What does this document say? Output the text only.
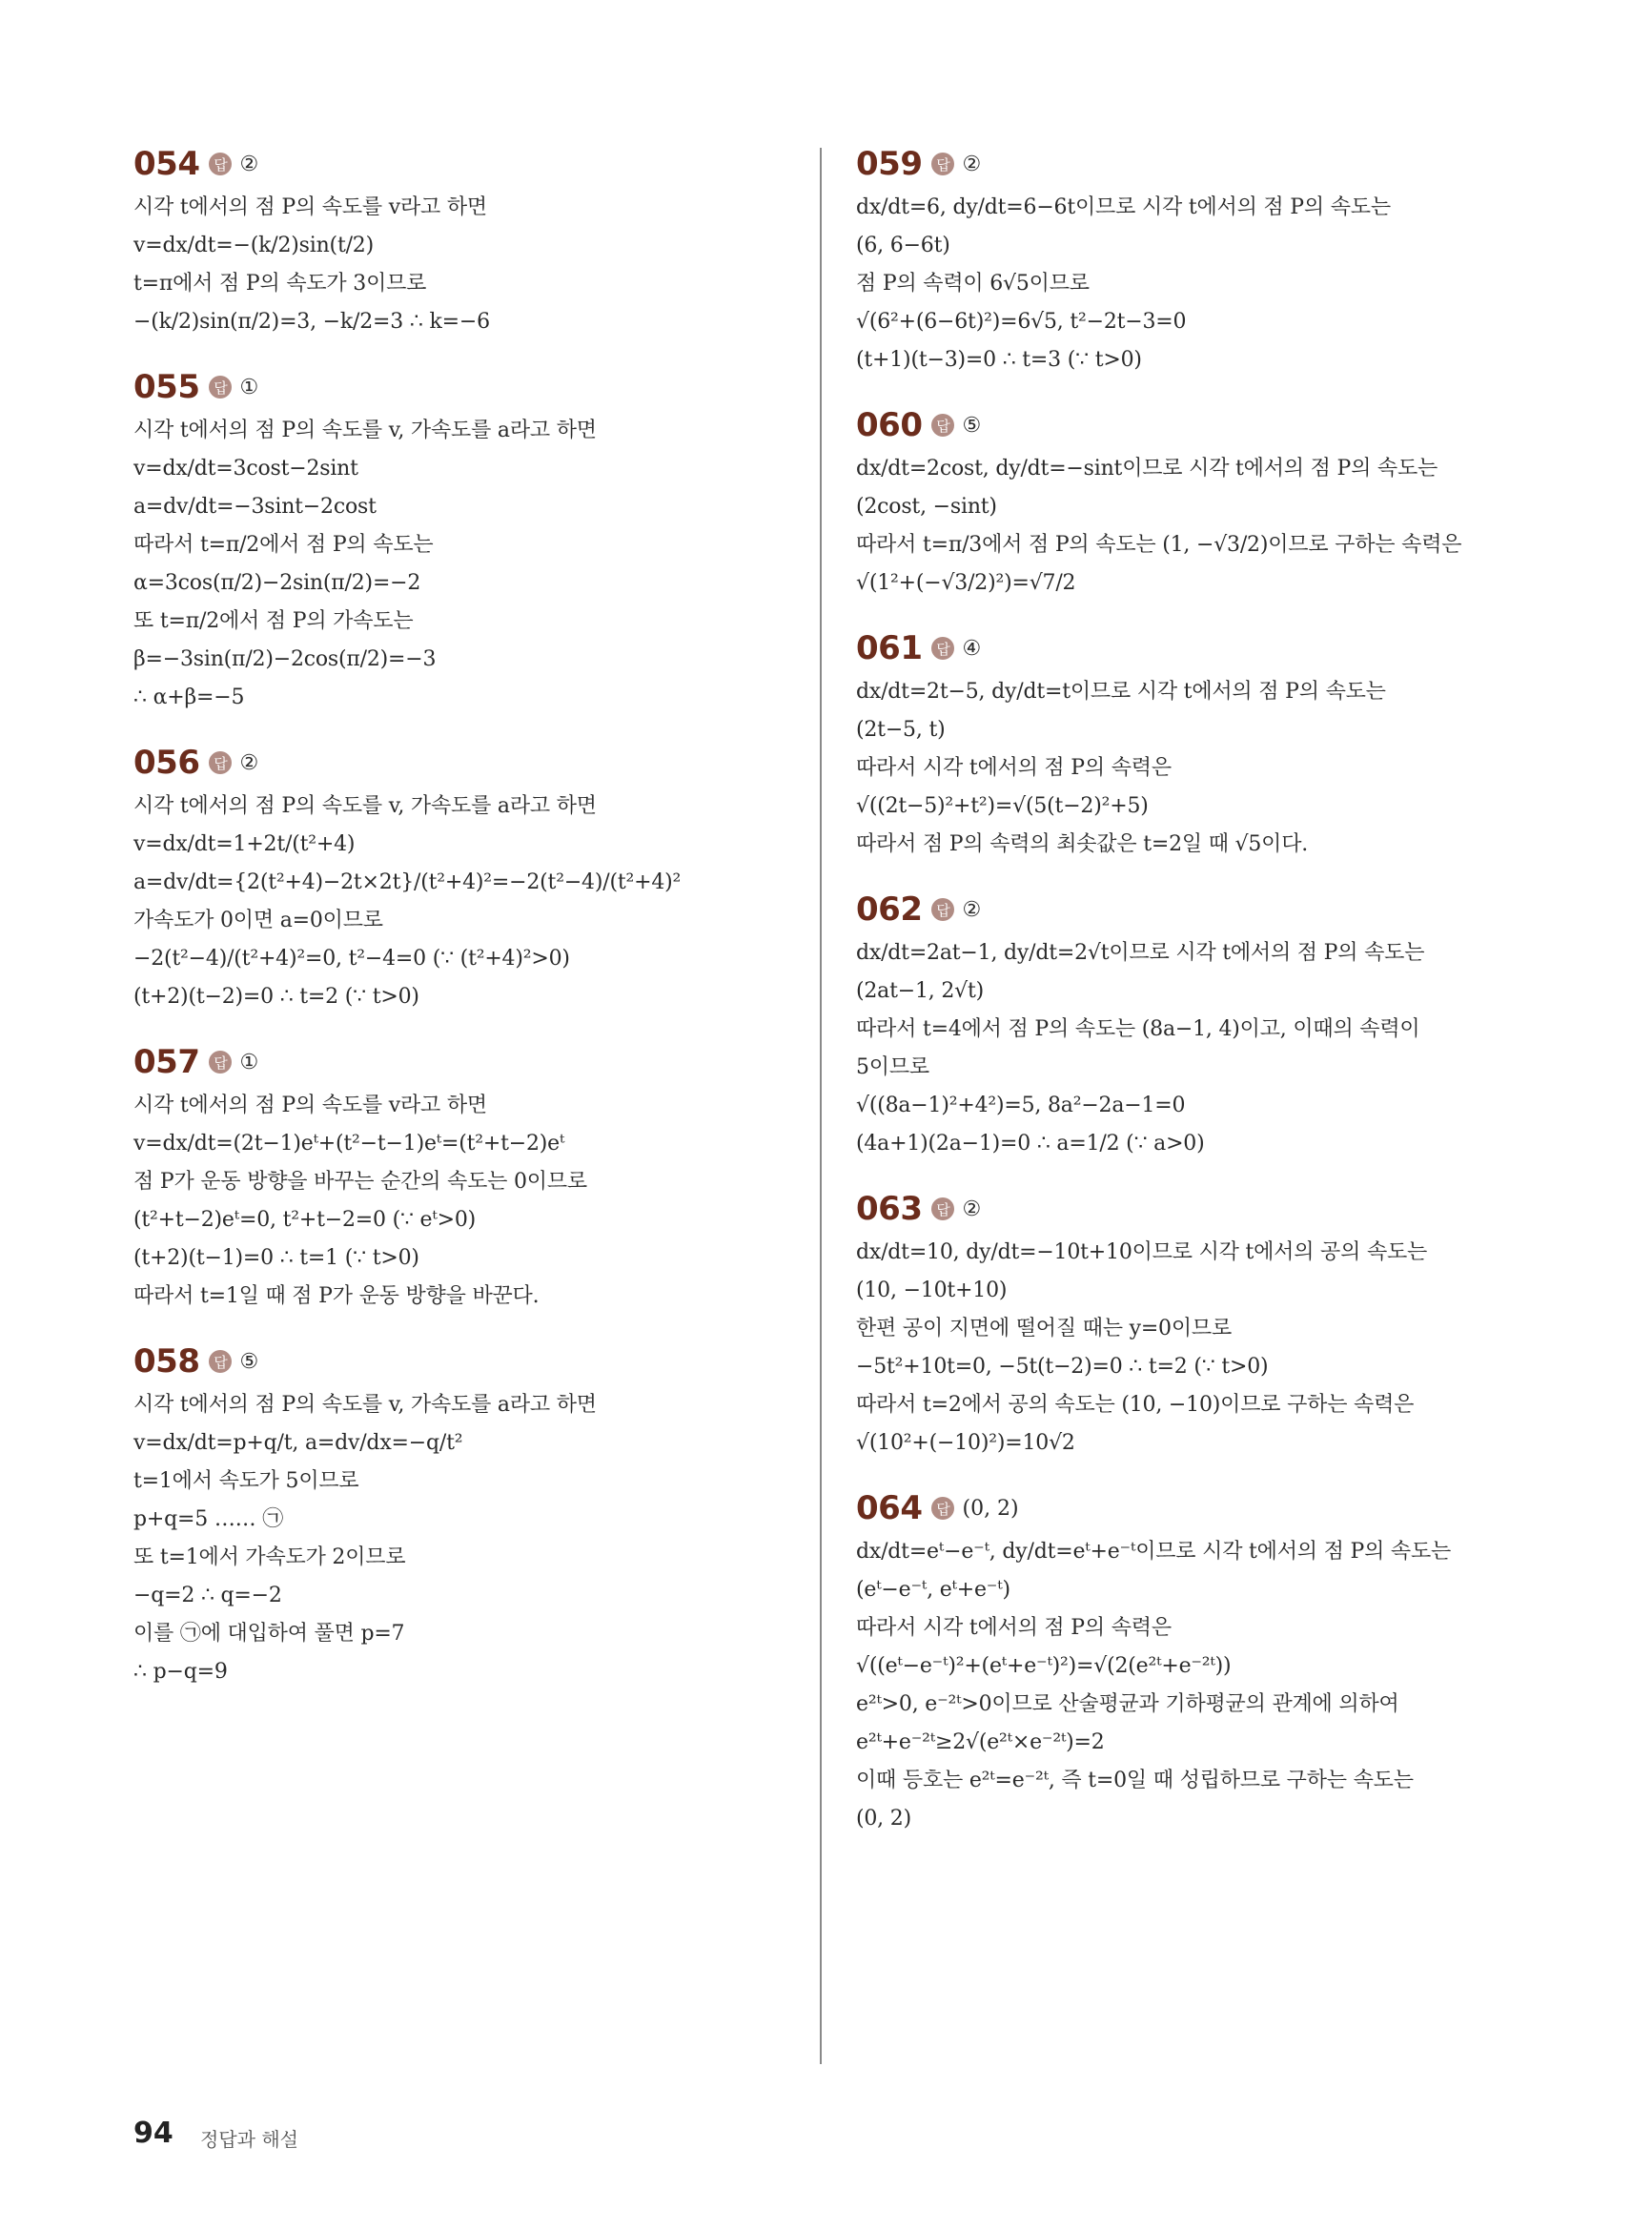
054 답 ②
시각 t에서의 점 P의 속도를 v라고 하면
v=dx/dt=−(k/2)sin(t/2)
t=π에서 점 P의 속도가 3이므로
−(k/2)sin(π/2)=3, −k/2=3 ∴ k=−6
055 답 ①
시각 t에서의 점 P의 속도를 v, 가속도를 a라고 하면
v=dx/dt=3cost−2sint
a=dv/dt=−3sint−2cost
따라서 t=π/2에서 점 P의 속도는
α=3cos(π/2)−2sin(π/2)=−2
또 t=π/2에서 점 P의 가속도는
β=−3sin(π/2)−2cos(π/2)=−3
∴ α+β=−5
056 답 ②
시각 t에서의 점 P의 속도를 v, 가속도를 a라고 하면
v=dx/dt=1+2t/(t²+4)
a=dv/dt={2(t²+4)−2t×2t}/(t²+4)²=−2(t²−4)/(t²+4)²
가속도가 0이면 a=0이므로
−2(t²−4)/(t²+4)²=0, t²−4=0 (∵ (t²+4)²>0)
(t+2)(t−2)=0 ∴ t=2 (∵ t>0)
057 답 ①
시각 t에서의 점 P의 속도를 v라고 하면
v=dx/dt=(2t−1)eᵗ+(t²−t−1)eᵗ=(t²+t−2)eᵗ
점 P가 운동 방향을 바꾸는 순간의 속도는 0이므로
(t²+t−2)eᵗ=0, t²+t−2=0 (∵ eᵗ>0)
(t+2)(t−1)=0 ∴ t=1 (∵ t>0)
따라서 t=1일 때 점 P가 운동 방향을 바꾼다.
058 답 ⑤
시각 t에서의 점 P의 속도를 v, 가속도를 a라고 하면
v=dx/dt=p+q/t, a=dv/dx=−q/t²
t=1에서 속도가 5이므로
p+q=5 …… ㉠
또 t=1에서 가속도가 2이므로
−q=2 ∴ q=−2
이를 ㉠에 대입하여 풀면 p=7
∴ p−q=9
059 답 ②
dx/dt=6, dy/dt=6−6t이므로 시각 t에서의 점 P의 속도는
(6, 6−6t)
점 P의 속력이 6√5이므로
√(6²+(6−6t)²)=6√5, t²−2t−3=0
(t+1)(t−3)=0 ∴ t=3 (∵ t>0)
060 답 ⑤
dx/dt=2cost, dy/dt=−sint이므로 시각 t에서의 점 P의 속도는
(2cost, −sint)
따라서 t=π/3에서 점 P의 속도는 (1, −√3/2)이므로 구하는 속력은
√(1²+(−√3/2)²)=√7/2
061 답 ④
dx/dt=2t−5, dy/dt=t이므로 시각 t에서의 점 P의 속도는
(2t−5, t)
따라서 시각 t에서의 점 P의 속력은
√((2t−5)²+t²)=√(5(t−2)²+5)
따라서 점 P의 속력의 최솟값은 t=2일 때 √5이다.
062 답 ②
dx/dt=2at−1, dy/dt=2√t이므로 시각 t에서의 점 P의 속도는
(2at−1, 2√t)
따라서 t=4에서 점 P의 속도는 (8a−1, 4)이고, 이때의 속력이
5이므로
√((8a−1)²+4²)=5, 8a²−2a−1=0
(4a+1)(2a−1)=0 ∴ a=1/2 (∵ a>0)
063 답 ②
dx/dt=10, dy/dt=−10t+10이므로 시각 t에서의 공의 속도는
(10, −10t+10)
한편 공이 지면에 떨어질 때는 y=0이므로
−5t²+10t=0, −5t(t−2)=0 ∴ t=2 (∵ t>0)
따라서 t=2에서 공의 속도는 (10, −10)이므로 구하는 속력은
√(10²+(−10)²)=10√2
064 답 (0, 2)
dx/dt=eᵗ−e⁻ᵗ, dy/dt=eᵗ+e⁻ᵗ이므로 시각 t에서의 점 P의 속도는
(eᵗ−e⁻ᵗ, eᵗ+e⁻ᵗ)
따라서 시각 t에서의 점 P의 속력은
√((eᵗ−e⁻ᵗ)²+(eᵗ+e⁻ᵗ)²)=√(2(e²ᵗ+e⁻²ᵗ))
e²ᵗ>0, e⁻²ᵗ>0이므로 산술평균과 기하평균의 관계에 의하여
e²ᵗ+e⁻²ᵗ≥2√(e²ᵗ×e⁻²ᵗ)=2
이때 등호는 e²ᵗ=e⁻²ᵗ, 즉 t=0일 때 성립하므로 구하는 속도는
(0, 2)
94 정답과 해설
